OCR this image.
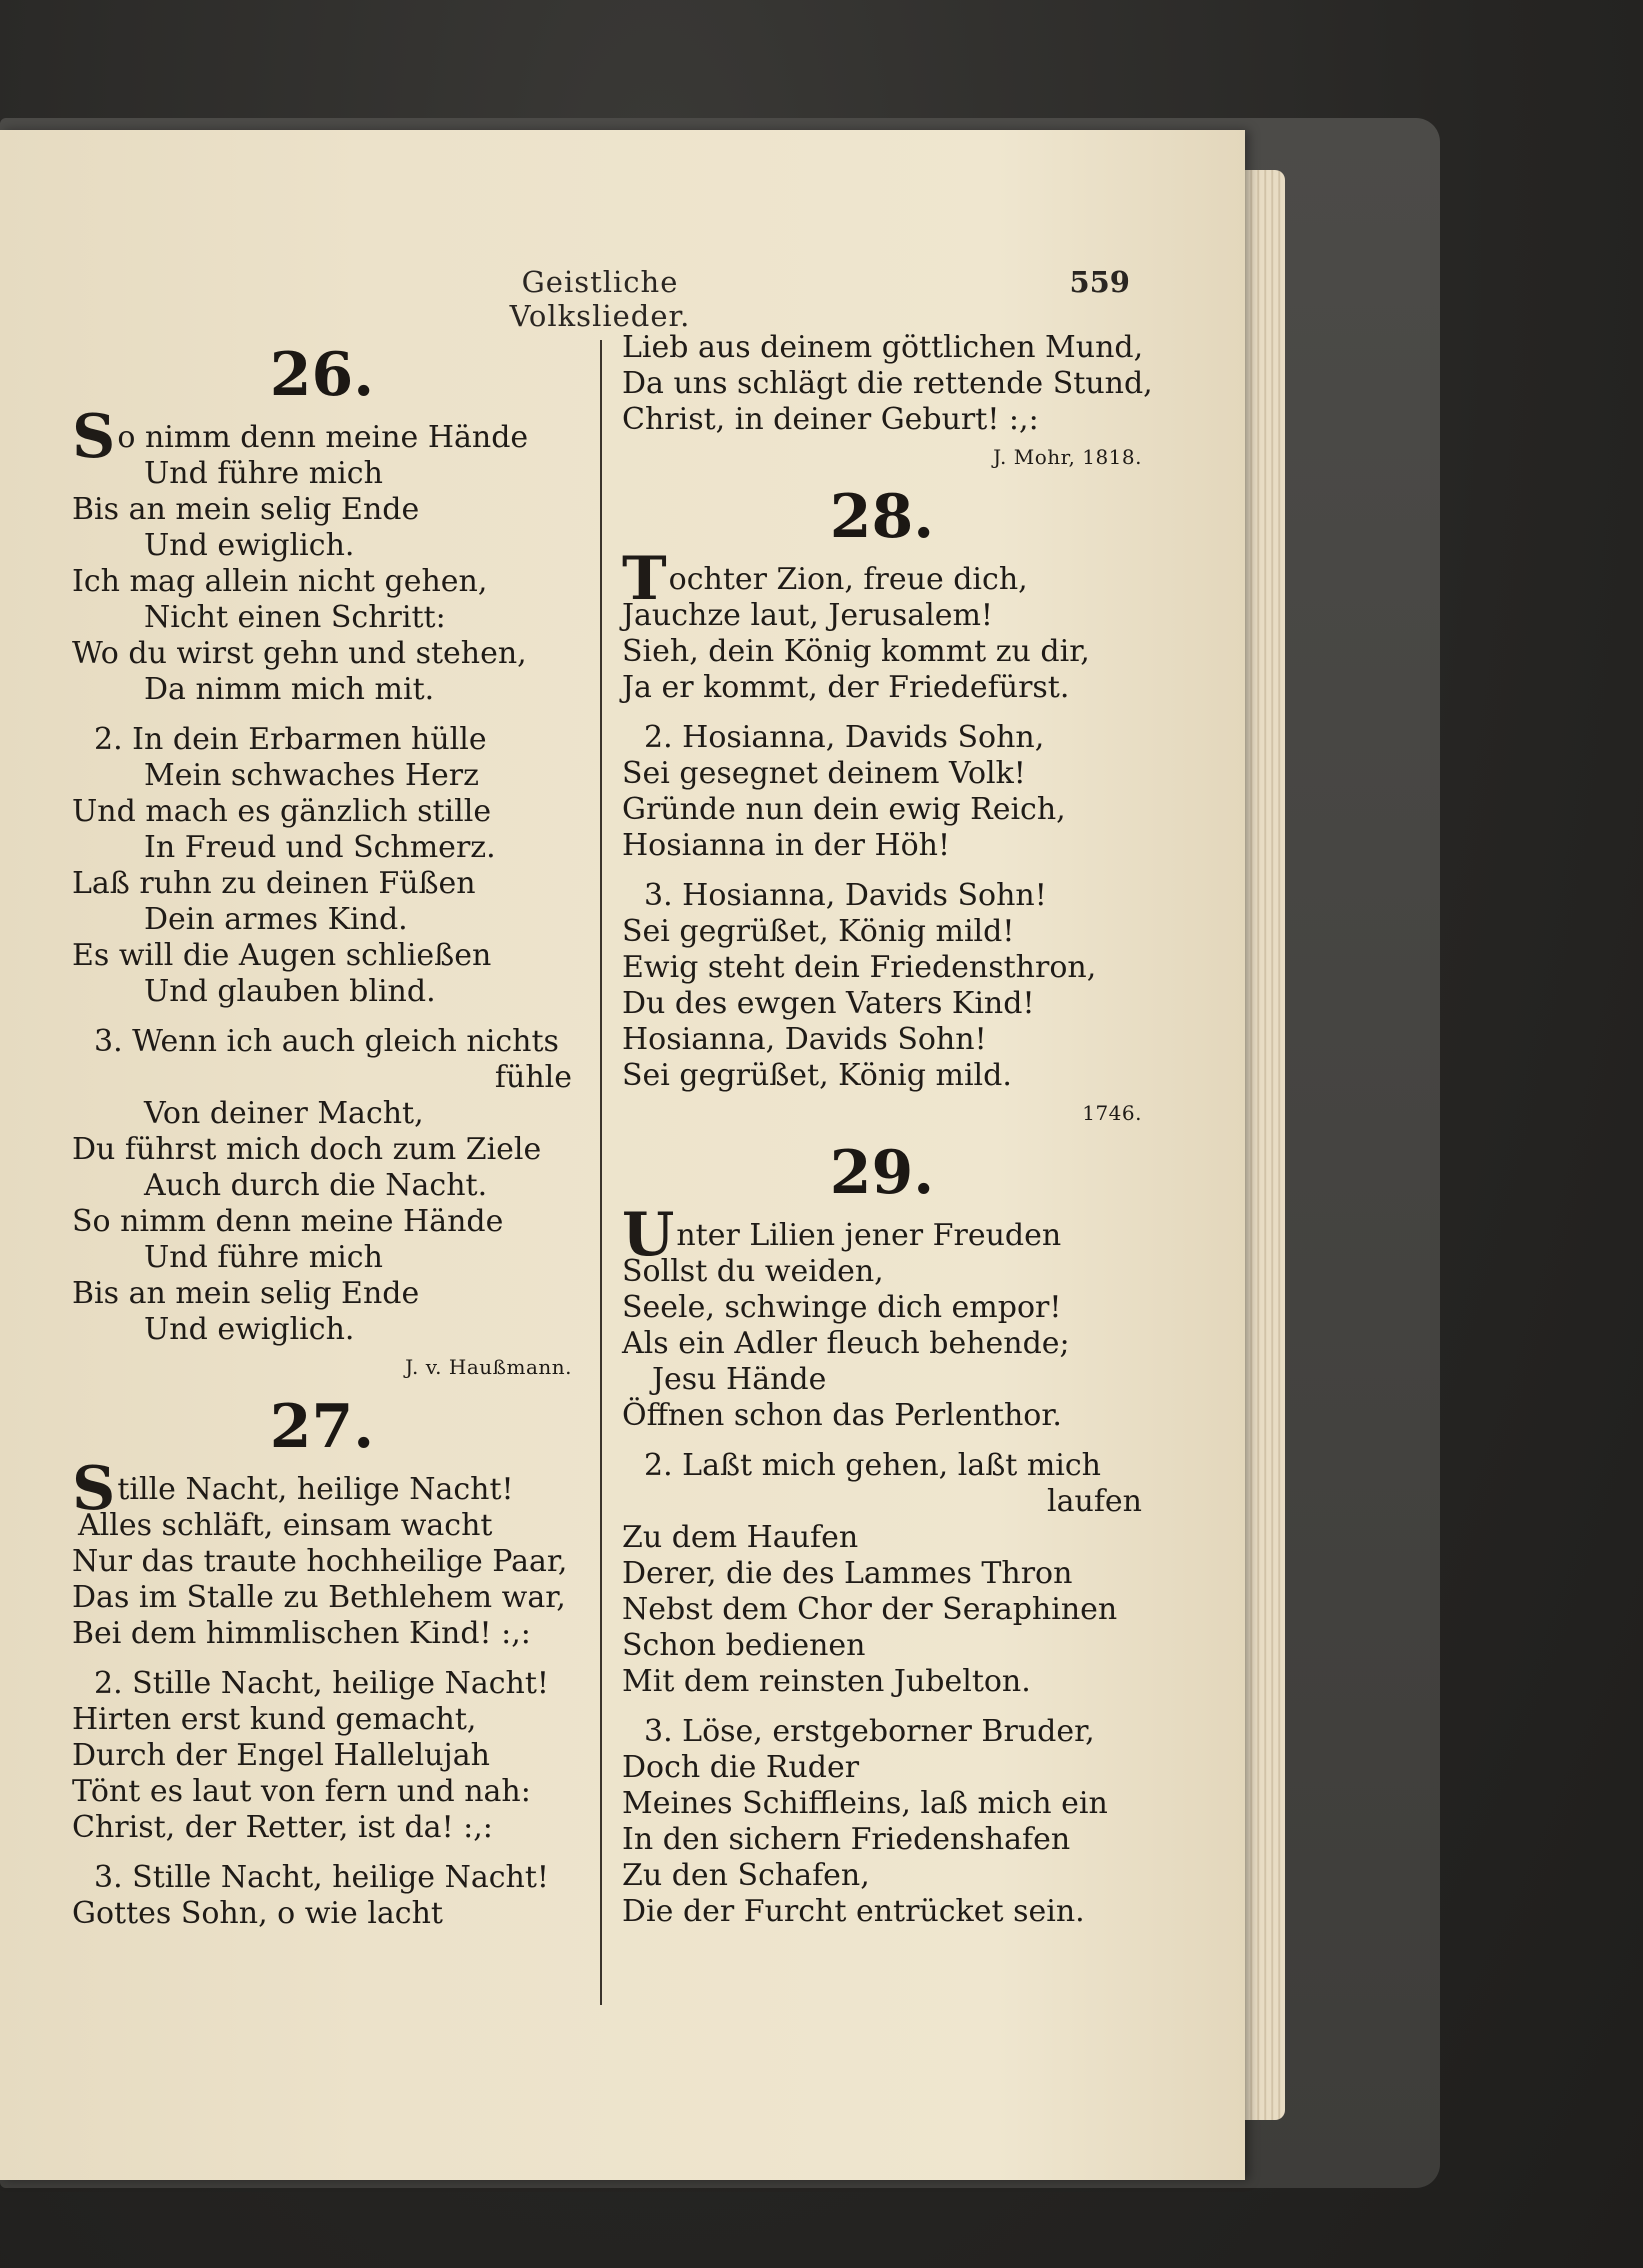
Geistliche Volkslieder.
559
26.
So nimm denn meine Hände
Und führe mich
Bis an mein selig Ende
Und ewiglich.
Ich mag allein nicht gehen,
Nicht einen Schritt:
Wo du wirst gehn und stehen,
Da nimm mich mit.
2. In dein Erbarmen hülle
Mein schwaches Herz
Und mach es gänzlich stille
In Freud und Schmerz.
Laß ruhn zu deinen Füßen
Dein armes Kind.
Es will die Augen schließen
Und glauben blind.
3. Wenn ich auch gleich nichts
fühle
Von deiner Macht,
Du führst mich doch zum Ziele
Auch durch die Nacht.
So nimm denn meine Hände
Und führe mich
Bis an mein selig Ende
Und ewiglich.
J. v. Haußmann.
27.
Stille Nacht, heilige Nacht!
Alles schläft, einsam wacht
Nur das traute hochheilige Paar,
Das im Stalle zu Bethlehem war,
Bei dem himmlischen Kind! :,:
2. Stille Nacht, heilige Nacht!
Hirten erst kund gemacht,
Durch der Engel Hallelujah
Tönt es laut von fern und nah:
Christ, der Retter, ist da! :,:
3. Stille Nacht, heilige Nacht!
Gottes Sohn, o wie lacht
Lieb aus deinem göttlichen Mund,
Da uns schlägt die rettende Stund,
Christ, in deiner Geburt! :,:
J. Mohr, 1818.
28.
Tochter Zion, freue dich,
Jauchze laut, Jerusalem!
Sieh, dein König kommt zu dir,
Ja er kommt, der Friedefürst.
2. Hosianna, Davids Sohn,
Sei gesegnet deinem Volk!
Gründe nun dein ewig Reich,
Hosianna in der Höh!
3. Hosianna, Davids Sohn!
Sei gegrüßet, König mild!
Ewig steht dein Friedensthron,
Du des ewgen Vaters Kind!
Hosianna, Davids Sohn!
Sei gegrüßet, König mild.
1746.
29.
Unter Lilien jener Freuden
Sollst du weiden,
Seele, schwinge dich empor!
Als ein Adler fleuch behende;
Jesu Hände
Öffnen schon das Perlenthor.
2. Laßt mich gehen, laßt mich
laufen
Zu dem Haufen
Derer, die des Lammes Thron
Nebst dem Chor der Seraphinen
Schon bedienen
Mit dem reinsten Jubelton.
3. Löse, erstgeborner Bruder,
Doch die Ruder
Meines Schiffleins, laß mich ein
In den sichern Friedenshafen
Zu den Schafen,
Die der Furcht entrücket sein.
